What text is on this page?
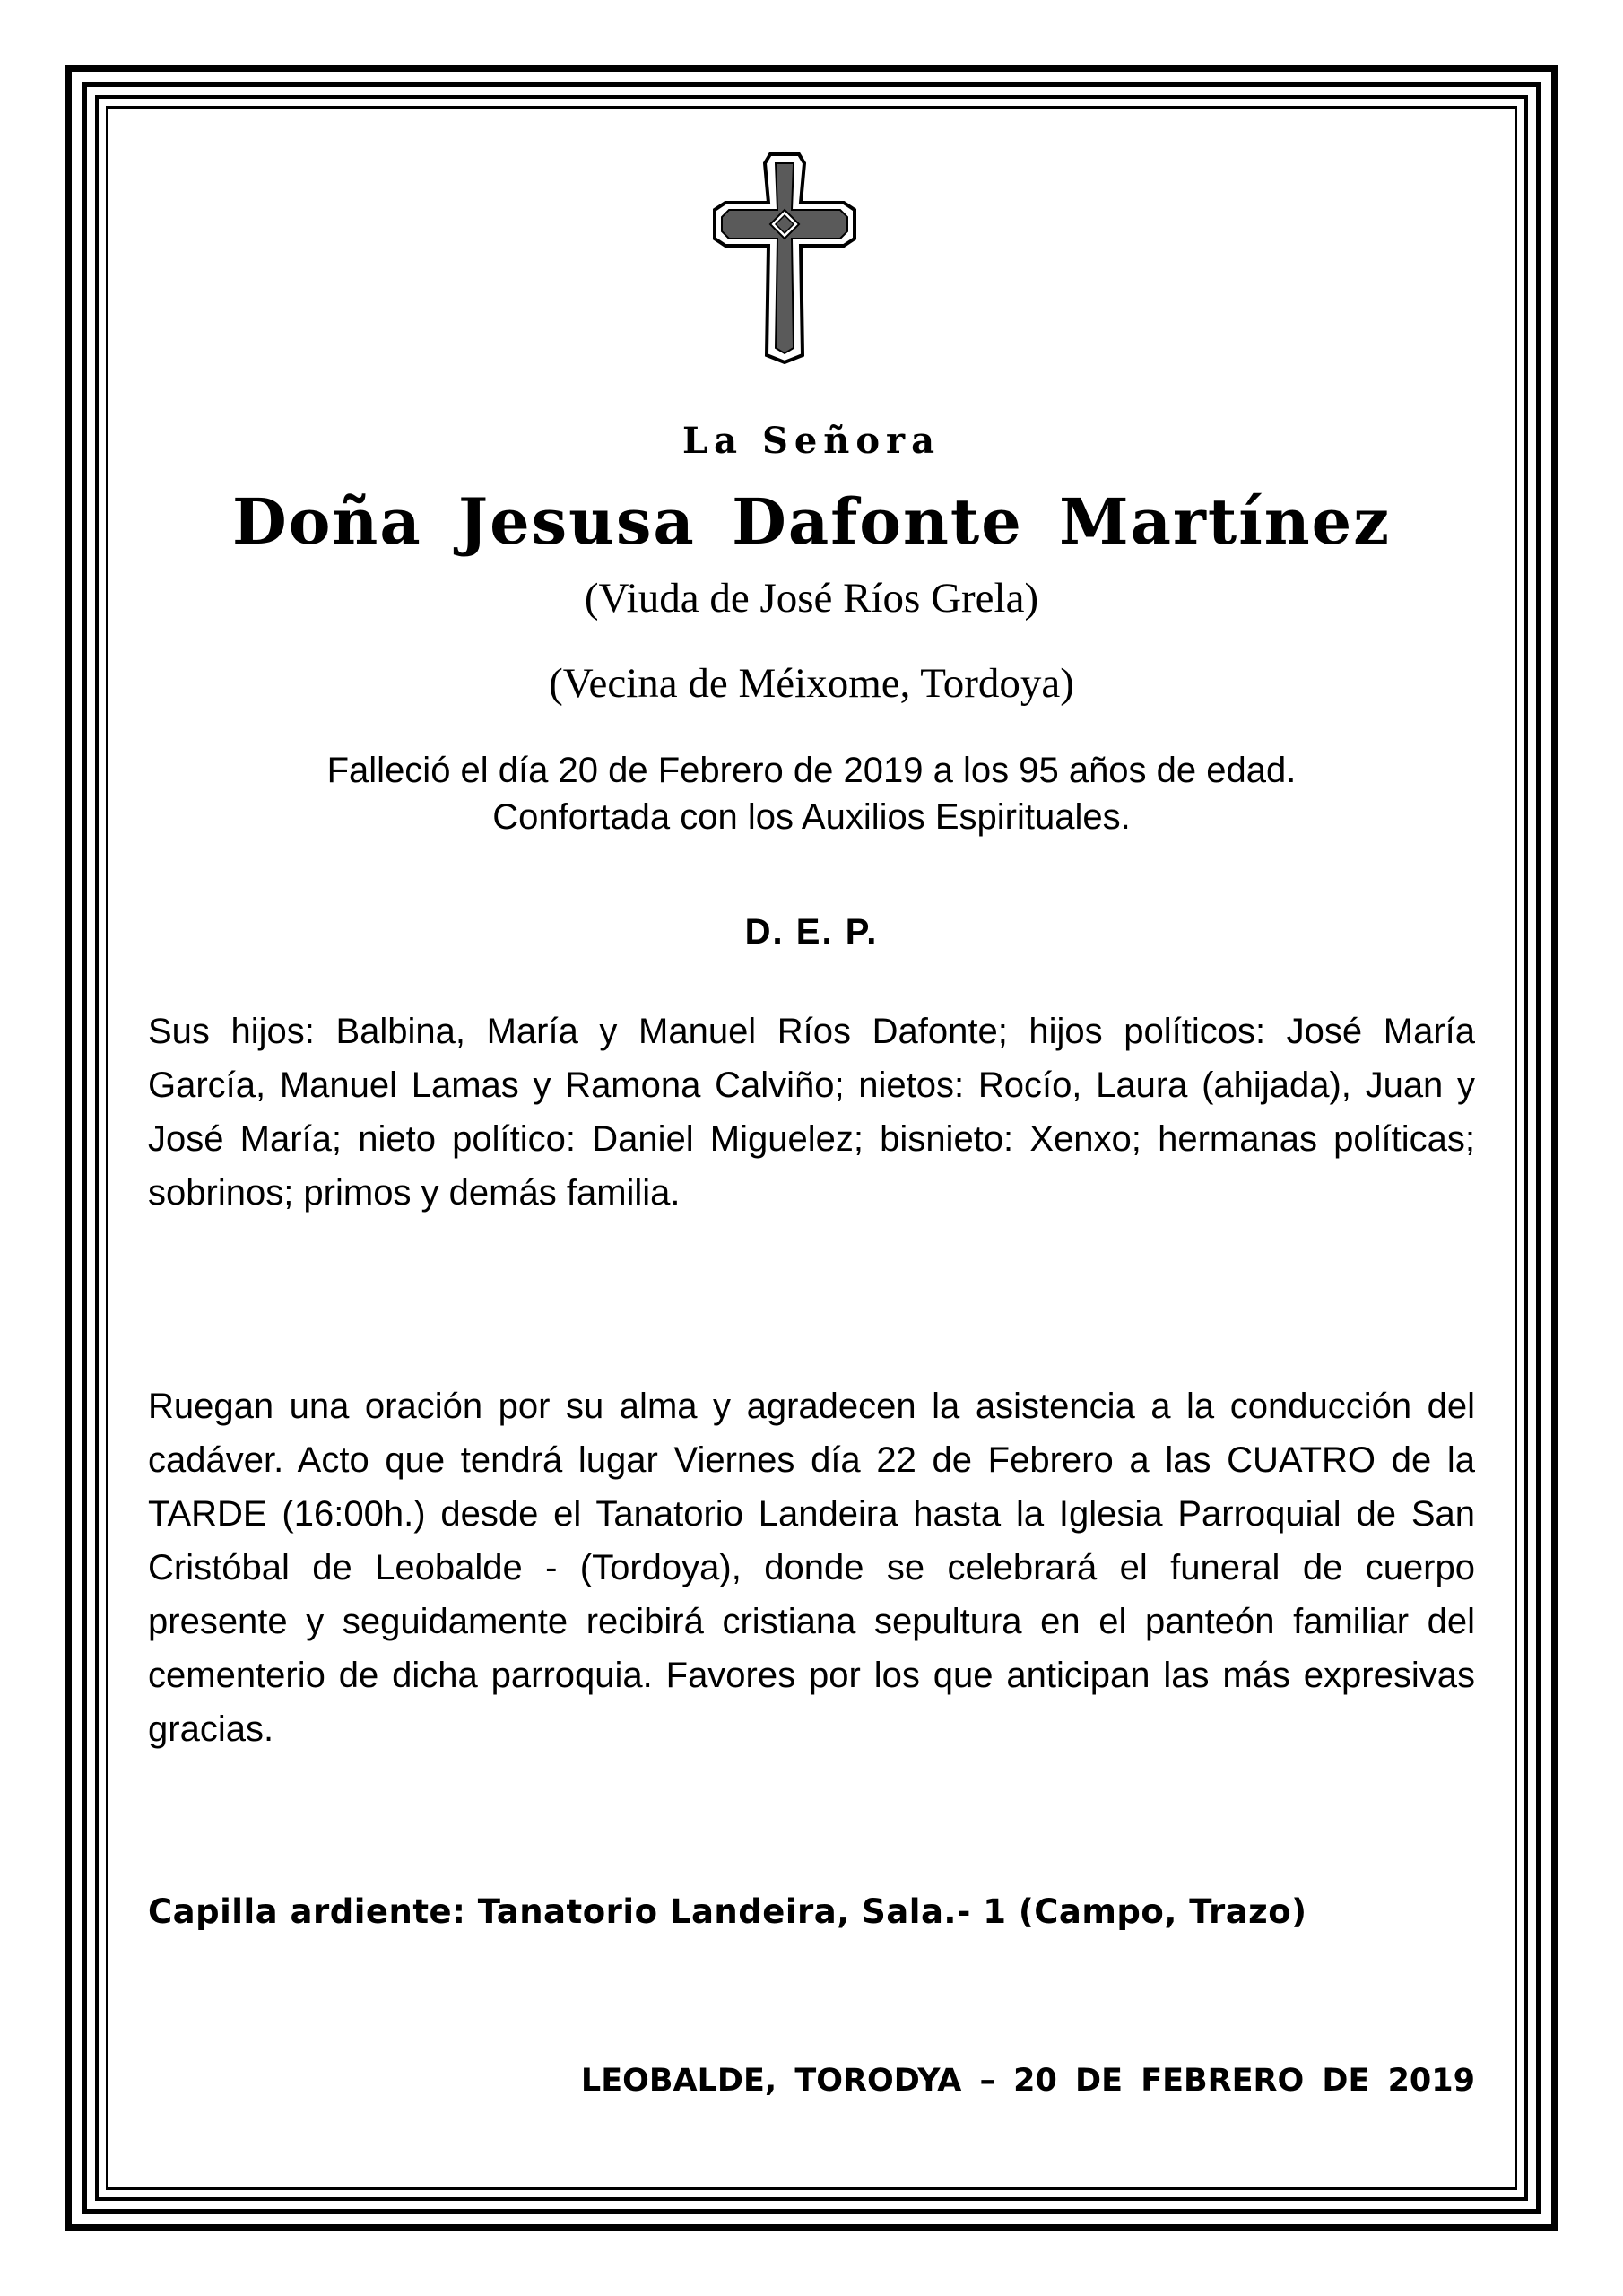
La Señora
Doña Jesusa Dafonte Martínez
(Viuda de José Ríos Grela)
(Vecina de Méixome, Tordoya)
Falleció el día 20 de Febrero de 2019 a los 95 años de edad.
Confortada con los Auxilios Espirituales.
D. E. P.
Sus hijos: Balbina, María y Manuel Ríos Dafonte; hijos políticos: José María García, Manuel Lamas y Ramona Calviño; nietos: Rocío, Laura (ahijada), Juan y José María; nieto político: Daniel Miguelez; bisnieto: Xenxo; hermanas políticas; sobrinos; primos y demás familia.
Ruegan una oración por su alma y agradecen la asistencia a la conducción del cadáver. Acto que tendrá lugar Viernes día 22 de Febrero a las CUATRO de la TARDE (16:00h.) desde el Tanatorio Landeira hasta la Iglesia Parroquial de San Cristóbal de Leobalde - (Tordoya), donde se celebrará el funeral de cuerpo presente y seguidamente recibirá cristiana sepultura en el panteón familiar del cementerio de dicha parroquia. Favores por los que anticipan las más expresivas gracias.
Capilla ardiente: Tanatorio Landeira, Sala.- 1 (Campo, Trazo)
LEOBALDE, TORODYA – 20 DE FEBRERO DE 2019
